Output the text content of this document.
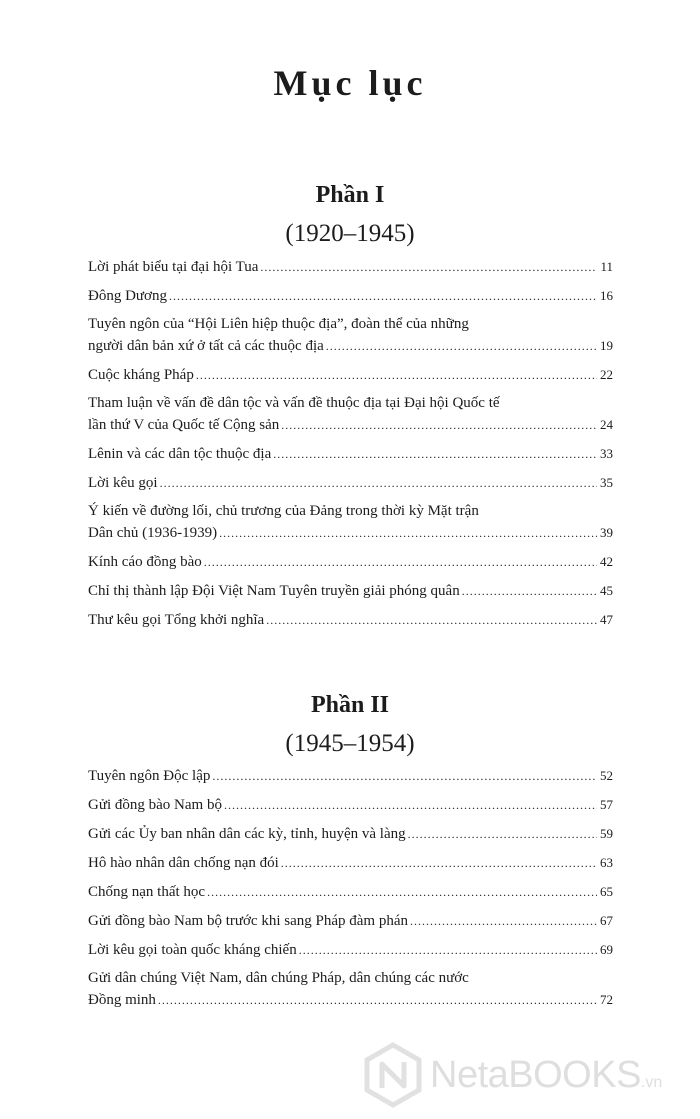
Mục lục
Phần I
(1920–1945)
Lời phát biểu tại đại hội Tua . . .	11
Đông Dương . . .	16
Tuyên ngôn của “Hội Liên hiệp thuộc địa”, đoàn thể của những
người dân bản xứ ở tất cả các thuộc địa . . .	19
Cuộc kháng Pháp . . .	22
Tham luận về vấn đề dân tộc và vấn đề thuộc địa tại Đại hội Quốc tế
lần thứ V của Quốc tế Cộng sản . . .	24
Lênin và các dân tộc thuộc địa . . .	33
Lời kêu gọi . . .	35
Ý kiến về đường lối, chủ trương của Đảng trong thời kỳ Mặt trận
Dân chủ (1936-1939) . . .	39
Kính cáo đồng bào . . .	42
Chỉ thị thành lập Đội Việt Nam Tuyên truyền giải phóng quân . . .	45
Thư kêu gọi Tổng khởi nghĩa . . .	47
Phần II
(1945–1954)
Tuyên ngôn Độc lập . . .	52
Gửi đồng bào Nam bộ . . .	57
Gửi các Ủy ban nhân dân các kỳ, tỉnh, huyện và làng . . .	59
Hô hào nhân dân chống nạn đói . . .	63
Chống nạn thất học . . .	65
Gửi đồng bào Nam bộ trước khi sang Pháp đàm phán . . .	67
Lời kêu gọi toàn quốc kháng chiến . . .	69
Gửi dân chúng Việt Nam, dân chúng Pháp, dân chúng các nước
Đồng minh . . .	72
NetaBOOKS .vn
